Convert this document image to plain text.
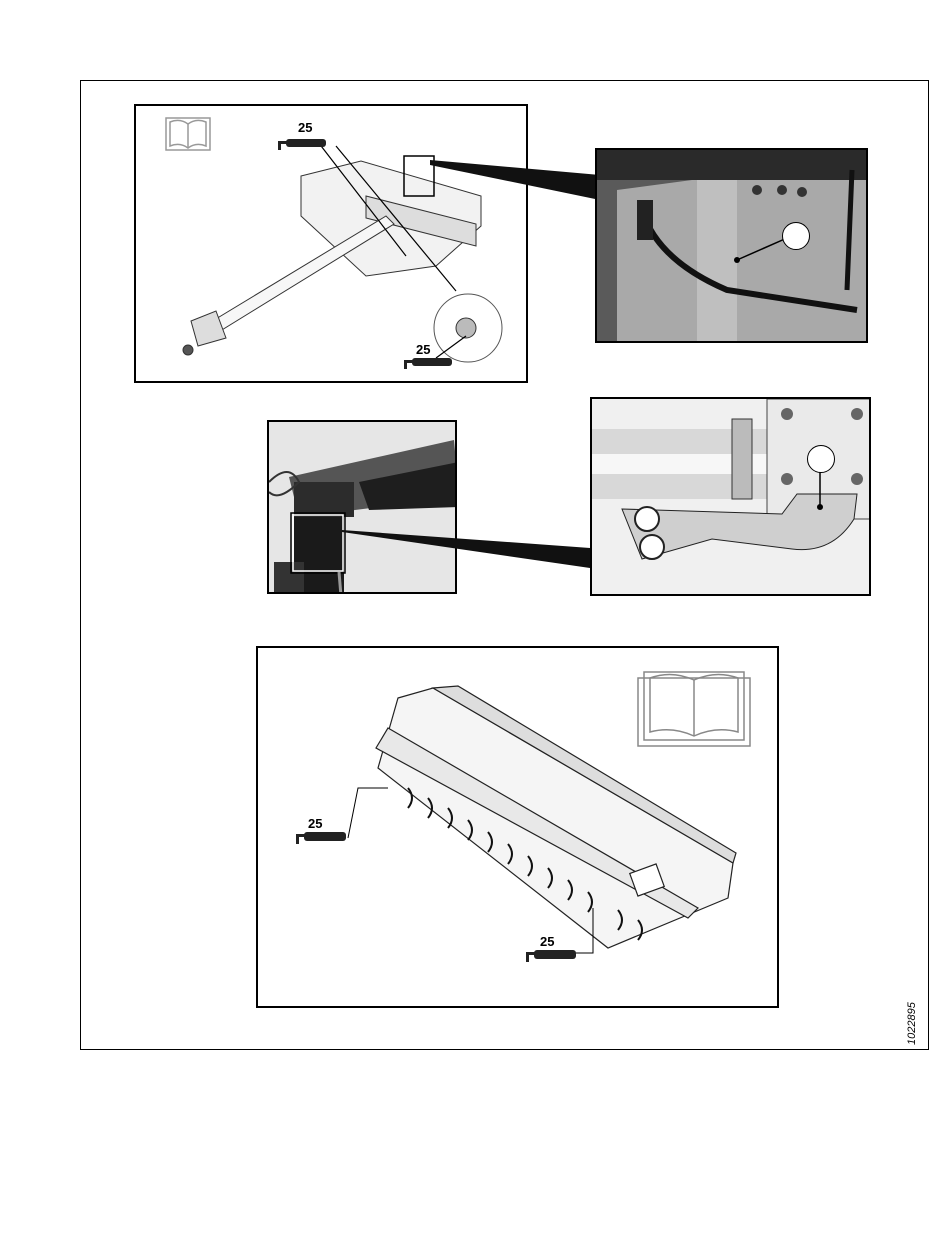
25
25
25
25
1022895
